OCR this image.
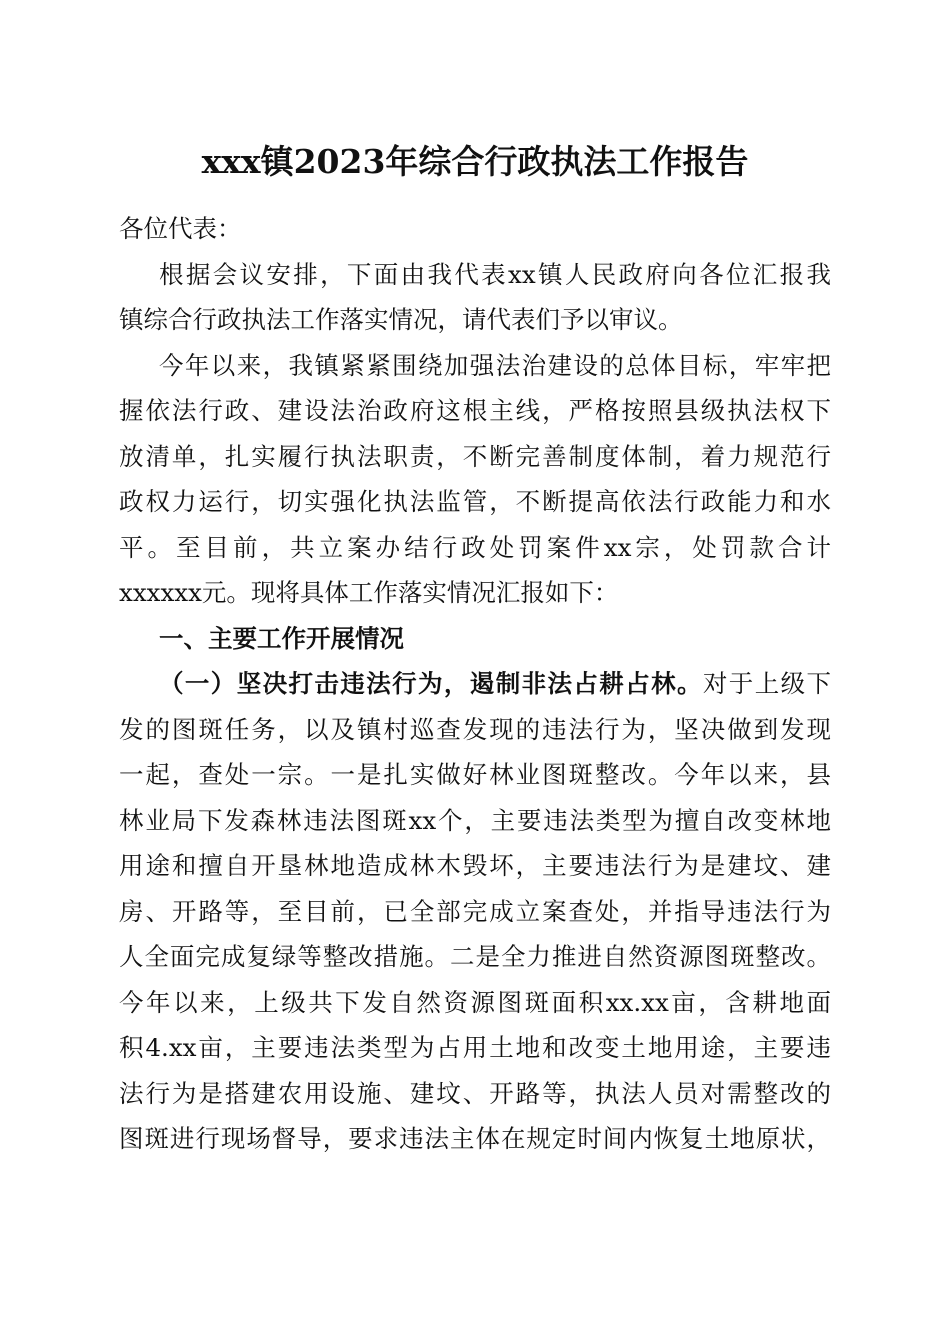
xxx镇2023年综合行政执法工作报告
各位代表：
根据会议安排，下面由我代表xx镇人民政府向各位汇报我
镇综合行政执法工作落实情况，请代表们予以审议。
今年以来，我镇紧紧围绕加强法治建设的总体目标，牢牢把
握依法行政、建设法治政府这根主线，严格按照县级执法权下
放清单，扎实履行执法职责，不断完善制度体制，着力规范行
政权力运行，切实强化执法监管，不断提高依法行政能力和水
平。至目前，共立案办结行政处罚案件xx宗，处罚款合计
xxxxxx元。现将具体工作落实情况汇报如下：
一、主要工作开展情况
（一）坚决打击违法行为，遏制非法占耕占林。对于上级下
发的图斑任务，以及镇村巡查发现的违法行为，坚决做到发现
一起，查处一宗。一是扎实做好林业图斑整改。今年以来，县
林业局下发森林违法图斑xx个，主要违法类型为擅自改变林地
用途和擅自开垦林地造成林木毁坏，主要违法行为是建坟、建
房、开路等，至目前，已全部完成立案查处，并指导违法行为
人全面完成复绿等整改措施。二是全力推进自然资源图斑整改。
今年以来，上级共下发自然资源图斑面积xx.xx亩，含耕地面
积4.xx亩，主要违法类型为占用土地和改变土地用途，主要违
法行为是搭建农用设施、建坟、开路等，执法人员对需整改的
图斑进行现场督导，要求违法主体在规定时间内恢复土地原状，
